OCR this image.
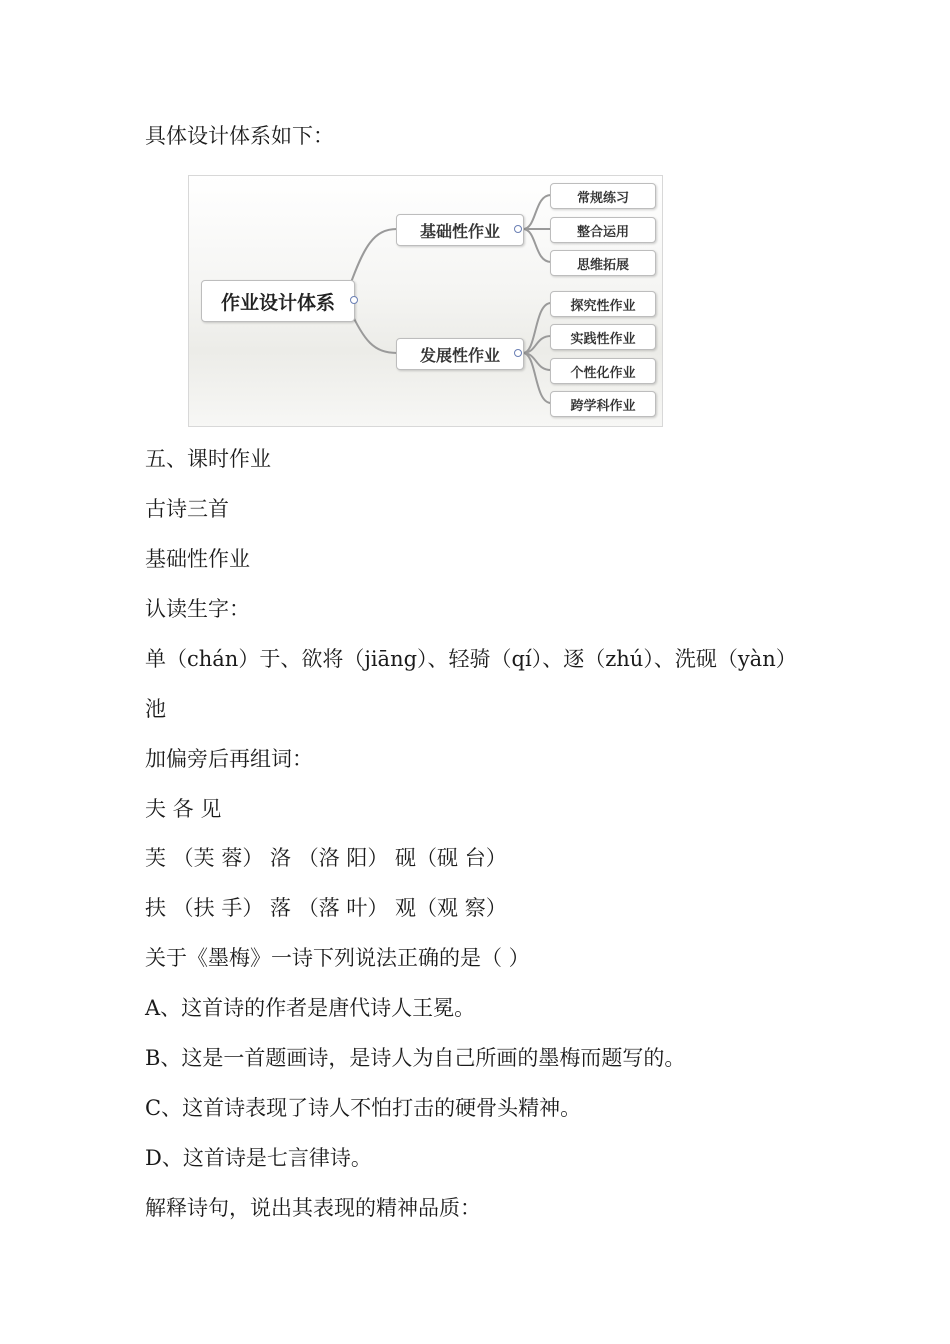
具体设计体系如下：
作业设计体系
基础性作业
发展性作业
常规练习
整合运用
思维拓展
探究性作业
实践性作业
个性化作业
跨学科作业
五、课时作业
古诗三首
基础性作业
认读生字：
单（chán）于、欲将（jiāng）、轻骑（qí）、逐（zhú）、洗砚（yàn）
池
加偏旁后再组词：
夫 各 见
芙 （芙 蓉） 洛 （洛 阳） 砚（砚 台）
扶 （扶 手） 落 （落 叶） 观（观 察）
关于《墨梅》一诗下列说法正确的是（ ）
A、这首诗的作者是唐代诗人王冕。
B、这是一首题画诗，是诗人为自己所画的墨梅而题写的。
C、这首诗表现了诗人不怕打击的硬骨头精神。
D、这首诗是七言律诗。
解释诗句，说出其表现的精神品质：
